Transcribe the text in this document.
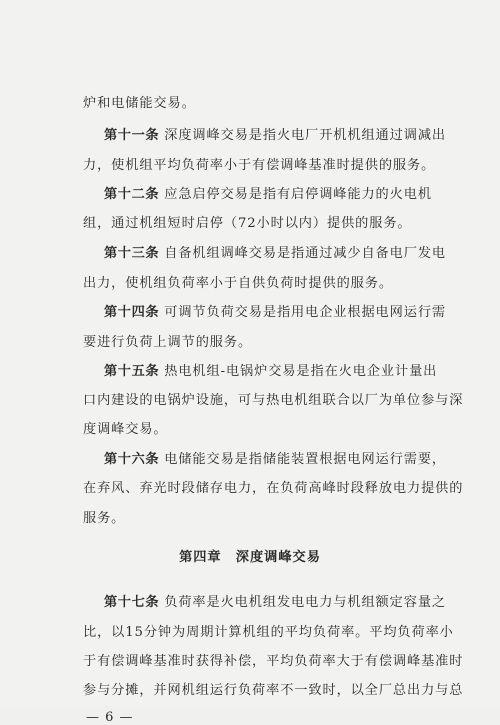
炉和电储能交易。
第十一条 深度调峰交易是指火电厂开机机组通过调减出
力，使机组平均负荷率小于有偿调峰基准时提供的服务。
第十二条 应急启停交易是指有启停调峰能力的火电机
组，通过机组短时启停（72小时以内）提供的服务。
第十三条 自备机组调峰交易是指通过减少自备电厂发电
出力，使机组负荷率小于自供负荷时提供的服务。
第十四条 可调节负荷交易是指用电企业根据电网运行需
要进行负荷上调节的服务。
第十五条 热电机组-电锅炉交易是指在火电企业计量出
口内建设的电锅炉设施，可与热电机组联合以厂为单位参与深
度调峰交易。
第十六条 电储能交易是指储能装置根据电网运行需要，
在弃风、弃光时段储存电力，在负荷高峰时段释放电力提供的
服务。
第四章　深度调峰交易
第十七条 负荷率是火电机组发电电力与机组额定容量之
比，以15分钟为周期计算机组的平均负荷率。平均负荷率小
于有偿调峰基准时获得补偿，平均负荷率大于有偿调峰基准时
参与分摊，并网机组运行负荷率不一致时，以全厂总出力与总
— 6 —
